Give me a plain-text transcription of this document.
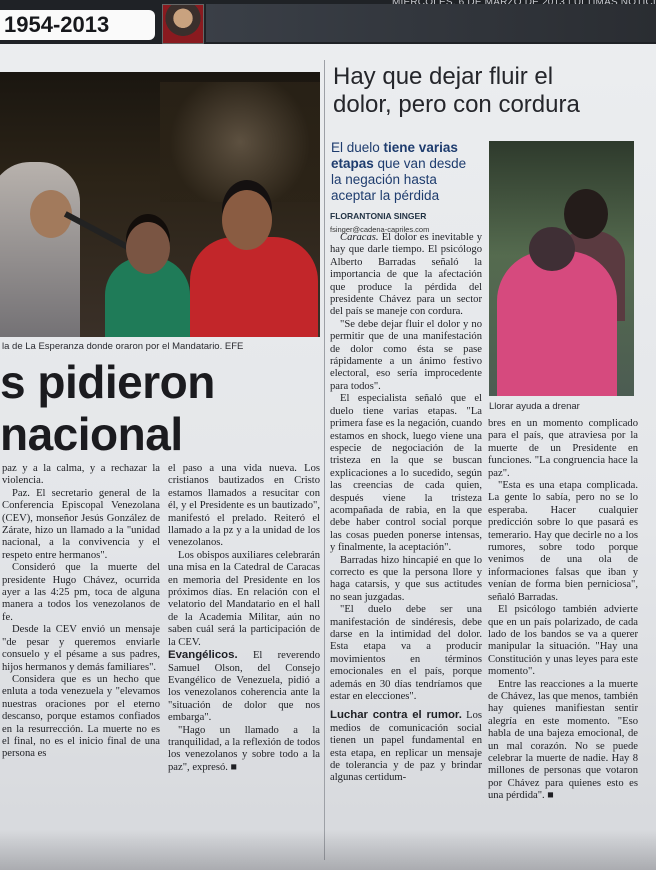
1954-2013
la de La Esperanza donde oraron por el Mandatario. EFE
s pidieron
nacional
Hay que dejar fluir el
dolor, pero con cordura
El duelo tiene varias
etapas que van desde
la negación hasta
aceptar la pérdida
FLORANTONIA SINGER
fsinger@cadena-capriles.com
Llorar ayuda a drenar

paz y a la calma, y a rechazar la violencia.

Paz. El secretario general de la Conferencia Episcopal Venezolana (CEV), monseñor Jesús González de Zárate, hizo un llamado a la "unidad nacional, a la convivencia y el respeto entre hermanos".

Consideró que la muerte del presidente Hugo Chávez, ocurrida ayer a las 4:25 pm, toca de alguna manera a todos los venezolanos de fe.

Desde la CEV envió un mensaje "de pesar y queremos enviarle consuelo y el pésame a sus padres, hijos hermanos y demás familiares".

Considera que es un hecho que enluta a toda venezuela y "elevamos nuestras oraciones por el eterno descanso, porque estamos confiados en la resurrección. La muerte no es el final, no es el inicio final de una persona es

el paso a una vida nueva. Los cristianos bautizados en Cristo estamos llamados a resucitar con él, y el Presidente es un bautizado", manifestó el prelado. Reiteró el llamado a la pz y a la unidad de los venezolanos.

Los obispos auxiliares celebrarán una misa en la Catedral de Caracas en memoria del Presidente en los próximos días. En relación con el velatorio del Mandatario en el hall de la Academia Militar, aún no saben cuál será la participación de la CEV.

Evangélicos. El reverendo Samuel Olson, del Consejo Evangélico de Venezuela, pidió a los venezolanos coherencia ante la "situación de dolor que nos embarga".

"Hago un llamado a la tranquilidad, a la reflexión de todos los venezolanos y sobre todo a la paz", expresó. ■

Caracas. El dolor es inevitable y hay que darle tiempo. El psicólogo Alberto Barradas señaló la importancia de que la afectación que produce la pérdida del presidente Chávez para un sector del país se maneje con cordura.

"Se debe dejar fluir el dolor y no permitir que de una manifestación de dolor como ésta se pase rápidamente a un ánimo festivo electoral, eso sería improcedente para todos".

El especialista señaló que el duelo tiene varias etapas. "La primera fase es la negación, cuando estamos en shock, luego viene una especie de negociación de la tristeza en la que se buscan explicaciones a lo sucedido, según las creencias de cada quien, después viene la tristeza acompañada de rabia, en la que debe haber control social porque las cosas pueden ponerse intensas, y finalmente, la aceptación".

Barradas hizo hincapié en que lo correcto es que la persona llore y haga catarsis, y que sus actitudes no sean juzgadas.

"El duelo debe ser una manifestación de sindéresis, debe darse en la intimidad del dolor. Esta etapa va a producir movimientos en términos emocionales en el país, porque además en 30 días tendríamos que estar en elecciones".

Luchar contra el rumor. Los medios de comunicación social tienen un papel fundamental en esta etapa, en replicar un mensaje de tolerancia y de paz y brindar algunas certidum-

bres en un momento complicado para el país, que atraviesa por la muerte de un Presidente en funciones. "La congruencia hace la paz".

"Esta es una etapa complicada. La gente lo sabía, pero no se lo esperaba. Hacer cualquier predicción sobre lo que pasará es temerario. Hay que decirle no a los rumores, sobre todo porque venimos de una ola de informaciones falsas que iban y venían de forma bien perniciosa", señaló Barradas.

El psicólogo también advierte que en un país polarizado, de cada lado de los bandos se va a querer manipular la situación. "Hay una Constitución y unas leyes para este momento".

Entre las reacciones a la muerte de Chávez, las que menos, también hay quienes manifiestan sentir alegría en este momento. "Eso habla de una bajeza emocional, de un mal corazón. No se puede celebrar la muerte de nadie. Hay 8 millones de personas que votaron por Chávez para quienes esto es una pérdida". ■
